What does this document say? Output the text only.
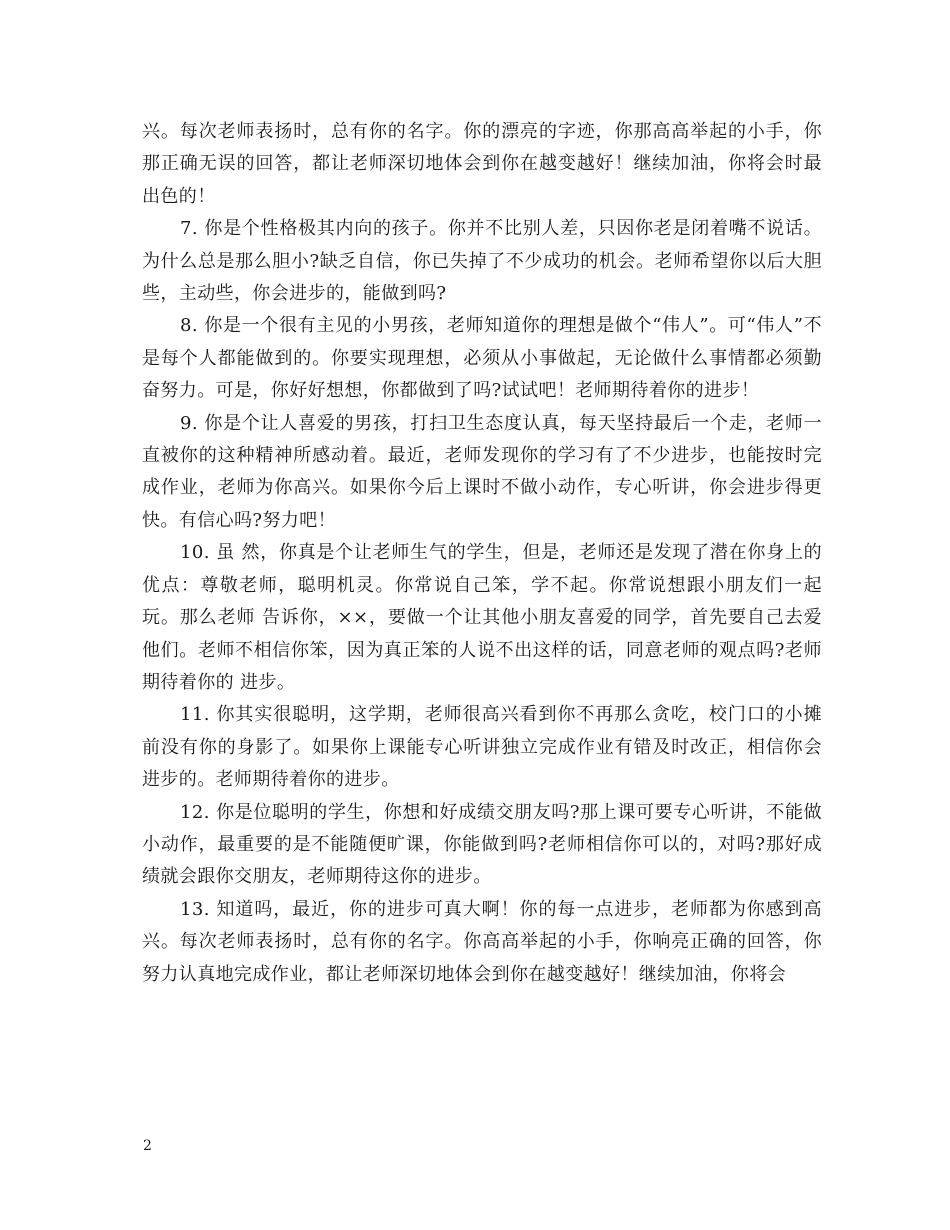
兴。每次老师表扬时，总有你的名字。你的漂亮的字迹，你那高高举起的小手，你那正确无误的回答，都让老师深切地体会到你在越变越好！继续加油，你将会时最出色的！

7. 你是个性格极其内向的孩子。你并不比别人差，只因你老是闭着嘴不说话。为什么总是那么胆小?缺乏自信，你已失掉了不少成功的机会。老师希望你以后大胆些，主动些，你会进步的，能做到吗?

8. 你是一个很有主见的小男孩，老师知道你的理想是做个“伟人”。可“伟人”不是每个人都能做到的。你要实现理想，必须从小事做起，无论做什么事情都必须勤奋努力。可是，你好好想想，你都做到了吗?试试吧！老师期待着你的进步！

9. 你是个让人喜爱的男孩，打扫卫生态度认真，每天坚持最后一个走，老师一直被你的这种精神所感动着。最近，老师发现你的学习有了不少进步，也能按时完成作业，老师为你高兴。如果你今后上课时不做小动作，专心听讲，你会进步得更快。有信心吗?努力吧！

10. 虽 然，你真是个让老师生气的学生，但是，老师还是发现了潜在你身上的优点：尊敬老师，聪明机灵。你常说自己笨，学不起。你常说想跟小朋友们一起玩。那么老师 告诉你，××，要做一个让其他小朋友喜爱的同学，首先要自己去爱他们。老师不相信你笨，因为真正笨的人说不出这样的话，同意老师的观点吗?老师期待着你的 进步。

11. 你其实很聪明，这学期，老师很高兴看到你不再那么贪吃，校门口的小摊前没有你的身影了。如果你上课能专心听讲独立完成作业有错及时改正，相信你会进步的。老师期待着你的进步。

12. 你是位聪明的学生，你想和好成绩交朋友吗?那上课可要专心听讲，不能做小动作，最重要的是不能随便旷课，你能做到吗?老师相信你可以的，对吗?那好成绩就会跟你交朋友，老师期待这你的进步。

13. 知道吗，最近，你的进步可真大啊！你的每一点进步，老师都为你感到高兴。每次老师表扬时，总有你的名字。你高高举起的小手，你响亮正确的回答，你努力认真地完成作业，都让老师深切地体会到你在越变越好！继续加油，你将会

2
